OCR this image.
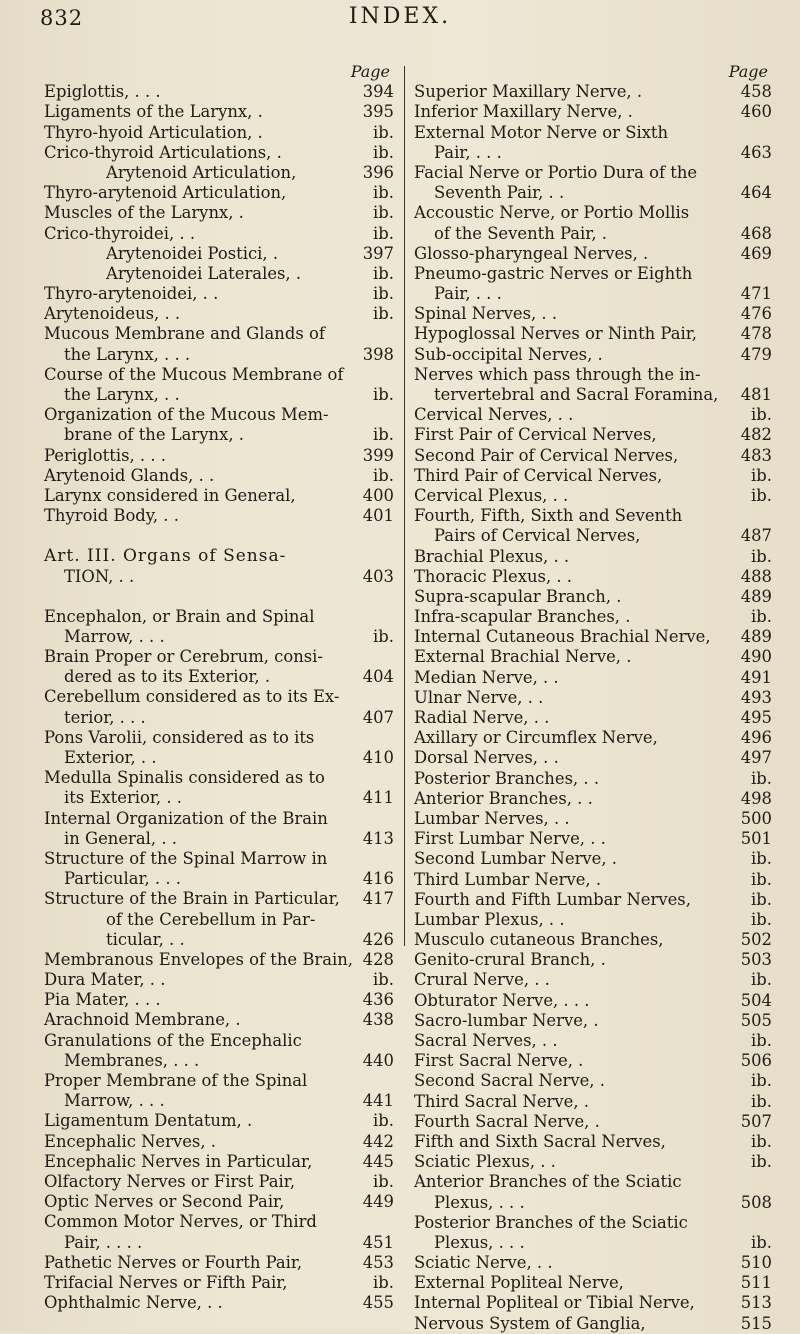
832	INDEX.
Page
Epiglottis, . . .	394
Ligaments of the Larynx, .	395
Thyro-hyoid Articulation, .	ib.
Crico-thyroid Articulations, .	ib.
Arytenoid Articulation,	396
Thyro-arytenoid Articulation,	ib.
Muscles of the Larynx, .	ib.
Crico-thyroidei, . .	ib.
Arytenoidei Postici, .	397
Arytenoidei Laterales, .	ib.
Thyro-arytenoidei, . .	ib.
Arytenoideus, . .	ib.
Mucous Membrane and Glands of
the Larynx, . . .	398
Course of the Mucous Membrane of
the Larynx, . .	ib.
Organization of the Mucous Mem-
brane of the Larynx, .	ib.
Periglottis, . . .	399
Arytenoid Glands, . .	ib.
Larynx considered in General,	400
Thyroid Body, . .	401
Art. III. Organs of Sensa-
TION, . .	403
Encephalon, or Brain and Spinal
Marrow, . . .	ib.
Brain Proper or Cerebrum, consi-
dered as to its Exterior, .	404
Cerebellum considered as to its Ex-
terior, . . .	407
Pons Varolii, considered as to its
Exterior, . .	410
Medulla Spinalis considered as to
its Exterior, . .	411
Internal Organization of the Brain
in General, . .	413
Structure of the Spinal Marrow in
Particular, . . .	416
Structure of the Brain in Particular,	417
of the Cerebellum in Par-
ticular, . .	426
Membranous Envelopes of the Brain, 428
Dura Mater, . .	ib.
Pia Mater, . . .	436
Arachnoid Membrane, .	438
Granulations of the Encephalic
Membranes, . . .	440
Proper Membrane of the Spinal
Marrow, . . .	441
Ligamentum Dentatum, .	ib.
Encephalic Nerves, .	442
Encephalic Nerves in Particular,	445
Olfactory Nerves or First Pair,	ib.
Optic Nerves or Second Pair,	449
Common Motor Nerves, or Third
Pair, . . . .	451
Pathetic Nerves or Fourth Pair,	453
Trifacial Nerves or Fifth Pair,	ib.
Ophthalmic Nerve, . .	455
Page
Superior Maxillary Nerve, .	458
Inferior Maxillary Nerve, .	460
External Motor Nerve or Sixth
Pair, . . .	463
Facial Nerve or Portio Dura of the
Seventh Pair, . .	464
Accoustic Nerve, or Portio Mollis
of the Seventh Pair, .	468
Glosso-pharyngeal Nerves, .	469
Pneumo-gastric Nerves or Eighth
Pair, . . .	471
Spinal Nerves, . .	476
Hypoglossal Nerves or Ninth Pair,	478
Sub-occipital Nerves, .	479
Nerves which pass through the in-
tervertebral and Sacral Foramina,	481
Cervical Nerves, . .	ib.
First Pair of Cervical Nerves,	482
Second Pair of Cervical Nerves,	483
Third Pair of Cervical Nerves,	ib.
Cervical Plexus, . .	ib.
Fourth, Fifth, Sixth and Seventh
Pairs of Cervical Nerves,	487
Brachial Plexus, . .	ib.
Thoracic Plexus, . .	488
Supra-scapular Branch, .	489
Infra-scapular Branches, .	ib.
Internal Cutaneous Brachial Nerve,	489
External Brachial Nerve, .	490
Median Nerve, . .	491
Ulnar Nerve, . .	493
Radial Nerve, . .	495
Axillary or Circumflex Nerve,	496
Dorsal Nerves, . .	497
Posterior Branches, . .	ib.
Anterior Branches, . .	498
Lumbar Nerves, . .	500
First Lumbar Nerve, . .	501
Second Lumbar Nerve, .	ib.
Third Lumbar Nerve, .	ib.
Fourth and Fifth Lumbar Nerves,	ib.
Lumbar Plexus, . .	ib.
Musculo cutaneous Branches,	502
Genito-crural Branch, .	503
Crural Nerve, . .	ib.
Obturator Nerve, . . .	504
Sacro-lumbar Nerve, .	505
Sacral Nerves, . .	ib.
First Sacral Nerve, .	506
Second Sacral Nerve, .	ib.
Third Sacral Nerve, .	ib.
Fourth Sacral Nerve, .	507
Fifth and Sixth Sacral Nerves,	ib.
Sciatic Plexus, . .	ib.
Anterior Branches of the Sciatic
Plexus, . . .	508
Posterior Branches of the Sciatic
Plexus, . . .	ib.
Sciatic Nerve, . .	510
External Popliteal Nerve,	511
Internal Popliteal or Tibial Nerve,	513
Nervous System of Ganglia,	515
